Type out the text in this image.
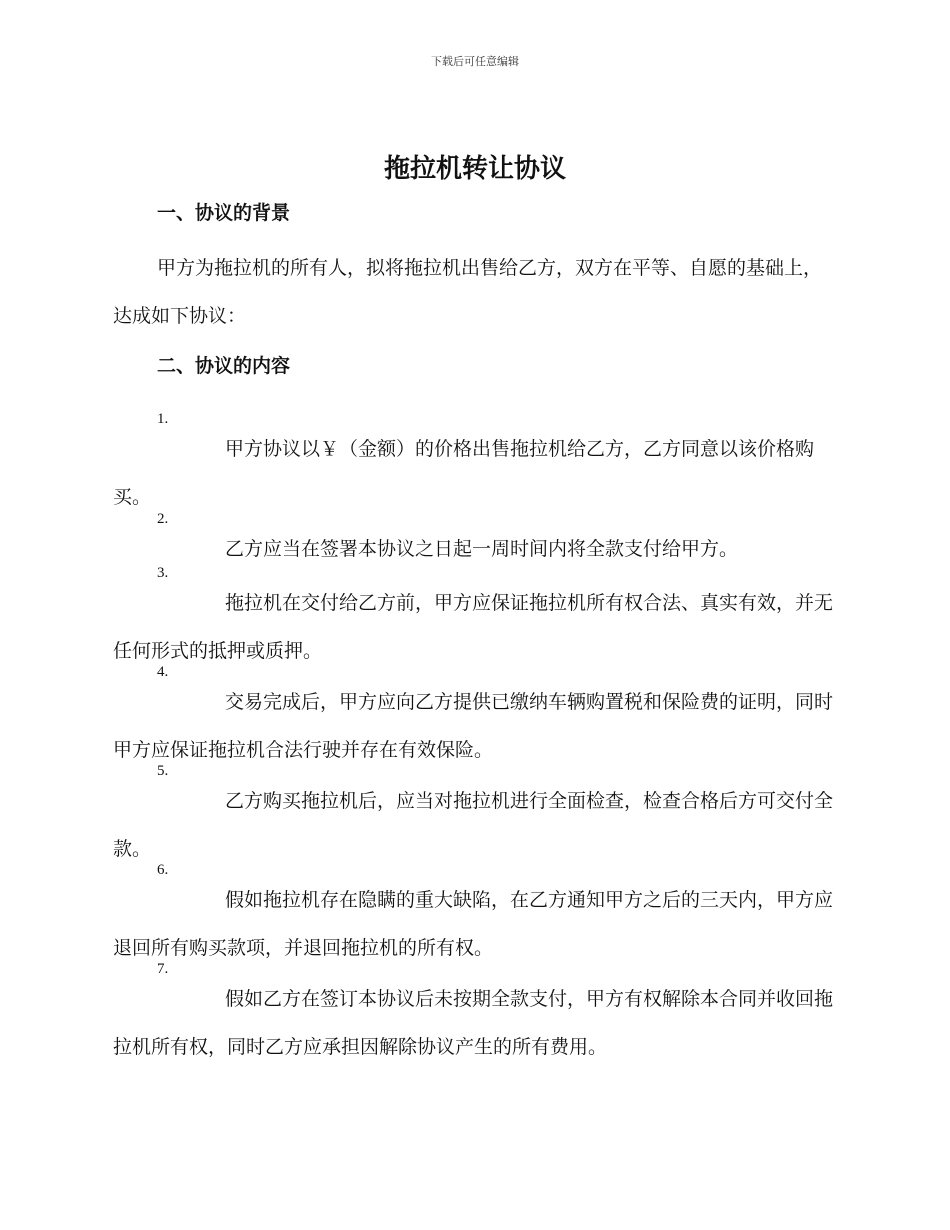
下载后可任意编辑
拖拉机转让协议
一、协议的背景
甲方为拖拉机的所有人，拟将拖拉机出售给乙方，双方在平等、自愿的基础上，达成如下协议：
二、协议的内容
1.
甲方协议以￥（金额）的价格出售拖拉机给乙方，乙方同意以该价格购买。
2.
乙方应当在签署本协议之日起一周时间内将全款支付给甲方。
3.
拖拉机在交付给乙方前，甲方应保证拖拉机所有权合法、真实有效，并无任何形式的抵押或质押。
4.
交易完成后，甲方应向乙方提供已缴纳车辆购置税和保险费的证明，同时甲方应保证拖拉机合法行驶并存在有效保险。
5.
乙方购买拖拉机后，应当对拖拉机进行全面检查，检查合格后方可交付全款。
6.
假如拖拉机存在隐瞒的重大缺陷，在乙方通知甲方之后的三天内，甲方应退回所有购买款项，并退回拖拉机的所有权。
7.
假如乙方在签订本协议后未按期全款支付，甲方有权解除本合同并收回拖拉机所有权，同时乙方应承担因解除协议产生的所有费用。
